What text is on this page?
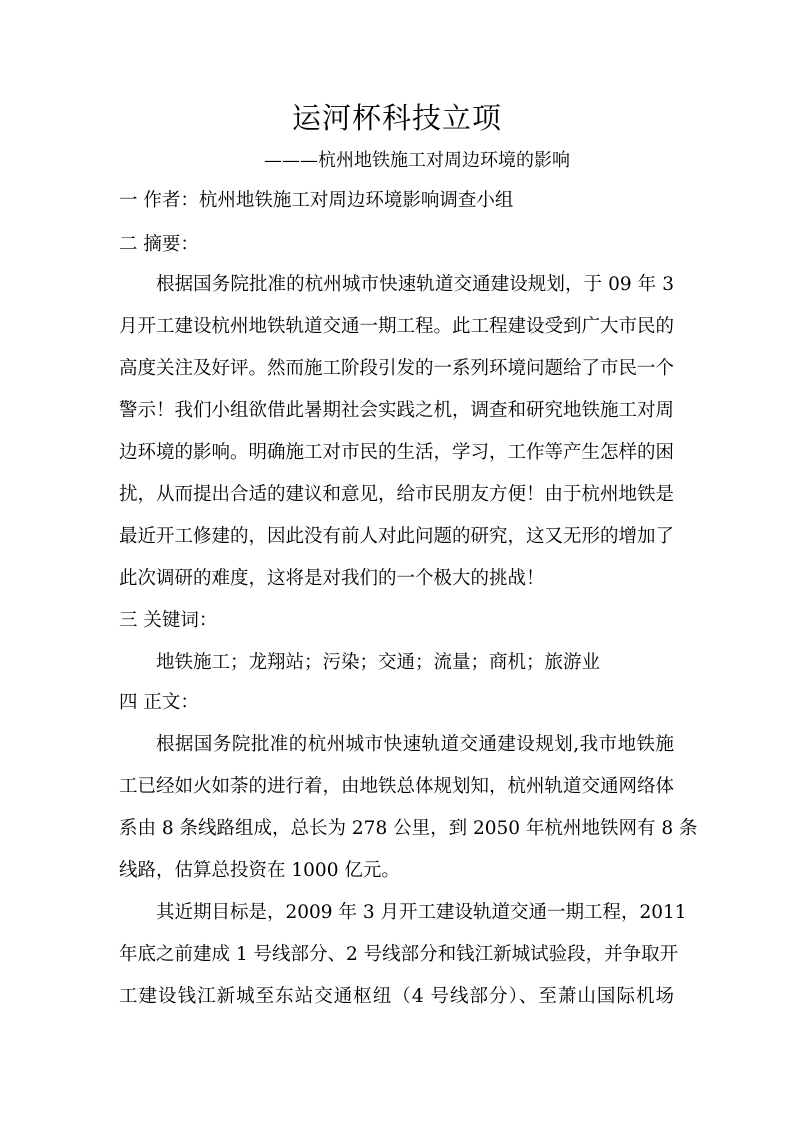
运河杯科技立项
———杭州地铁施工对周边环境的影响
一 作者：杭州地铁施工对周边环境影响调查小组
二 摘要：
根据国务院批准的杭州城市快速轨道交通建设规划，于 09 年 3
月开工建设杭州地铁轨道交通一期工程。此工程建设受到广大市民的
高度关注及好评。然而施工阶段引发的一系列环境问题给了市民一个
警示！我们小组欲借此暑期社会实践之机，调查和研究地铁施工对周
边环境的影响。明确施工对市民的生活，学习，工作等产生怎样的困
扰，从而提出合适的建议和意见，给市民朋友方便！由于杭州地铁是
最近开工修建的，因此没有前人对此问题的研究，这又无形的增加了
此次调研的难度，这将是对我们的一个极大的挑战！
三 关键词：
地铁施工；龙翔站；污染；交通；流量；商机；旅游业
四 正文：
根据国务院批准的杭州城市快速轨道交通建设规划,我市地铁施
工已经如火如荼的进行着，由地铁总体规划知，杭州轨道交通网络体
系由 8 条线路组成，总长为 278 公里，到 2050 年杭州地铁网有 8 条
线路，估算总投资在 1000 亿元。
其近期目标是，2009 年 3 月开工建设轨道交通一期工程，2011
年底之前建成 1 号线部分、2 号线部分和钱江新城试验段，并争取开
工建设钱江新城至东站交通枢纽（4 号线部分）、至萧山国际机场
